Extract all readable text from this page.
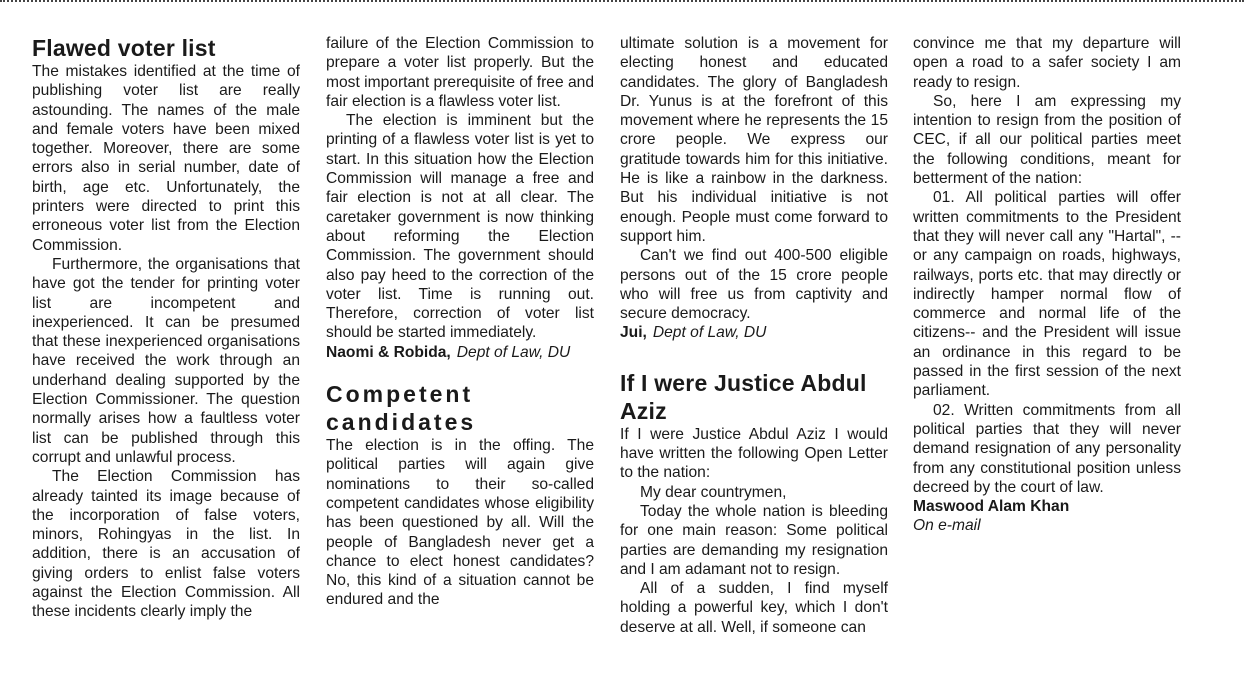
Flawed voter list

The mistakes identified at the time of publishing voter list are really astounding. The names of the male and female voters have been mixed together. Moreover, there are some errors also in serial number, date of birth, age etc. Unfortunately, the printers were directed to print this erroneous voter list from the Election Commission.

Furthermore, the organisations that have got the tender for printing voter list are incompetent and inexperienced. It can be presumed that these inexperienced organisations have received the work through an underhand dealing supported by the Election Commissioner. The question normally arises how a faultless voter list can be published through this corrupt and unlawful process.

The Election Commission has already tainted its image because of the incorporation of false voters, minors, Rohingyas in the list. In addition, there is an accusation of giving orders to enlist false voters against the Election Commission. All these incidents clearly imply the

failure of the Election Commission to prepare a voter list properly. But the most important prerequisite of free and fair election is a flawless voter list.

The election is imminent but the printing of a flawless voter list is yet to start. In this situation how the Election Commission will manage a free and fair election is not at all clear. The caretaker government is now thinking about reforming the Election Commission. The government should also pay heed to the correction of the voter list. Time is running out. Therefore, correction of voter list should be started immediately.

Naomi & Robida, Dept of Law, DU

Competent candidates

The election is in the offing. The political parties will again give nominations to their so-called competent candidates whose eligibility has been questioned by all. Will the people of Bangladesh never get a chance to elect honest candidates? No, this kind of a situation cannot be endured and the

ultimate solution is a movement for electing honest and educated candidates. The glory of Bangladesh Dr. Yunus is at the forefront of this movement where he represents the 15 crore people. We express our gratitude towards him for this initiative. He is like a rainbow in the darkness. But his individual initiative is not enough. People must come forward to support him.

Can't we find out 400-500 eligible persons out of the 15 crore people who will free us from captivity and secure democracy.

Jui, Dept of Law, DU

If I were Justice Abdul Aziz

If I were Justice Abdul Aziz I would have written the following Open Letter to the nation:

My dear countrymen,

Today the whole nation is bleeding for one main reason: Some political parties are demanding my resignation and I am adamant not to resign.

All of a sudden, I find myself holding a powerful key, which I don't deserve at all. Well, if someone can

convince me that my departure will open a road to a safer society I am ready to resign.

So, here I am expressing my intention to resign from the position of CEC, if all our political parties meet the following conditions, meant for betterment of the nation:

01. All political parties will offer written commitments to the President that they will never call any "Hartal", -- or any campaign on roads, highways, railways, ports etc. that may directly or indirectly hamper normal flow of commerce and normal life of the citizens-- and the President will issue an ordinance in this regard to be passed in the first session of the next parliament.

02. Written commitments from all political parties that they will never demand resignation of any personality from any constitutional position unless decreed by the court of law.

Maswood Alam Khan

On e-mail
